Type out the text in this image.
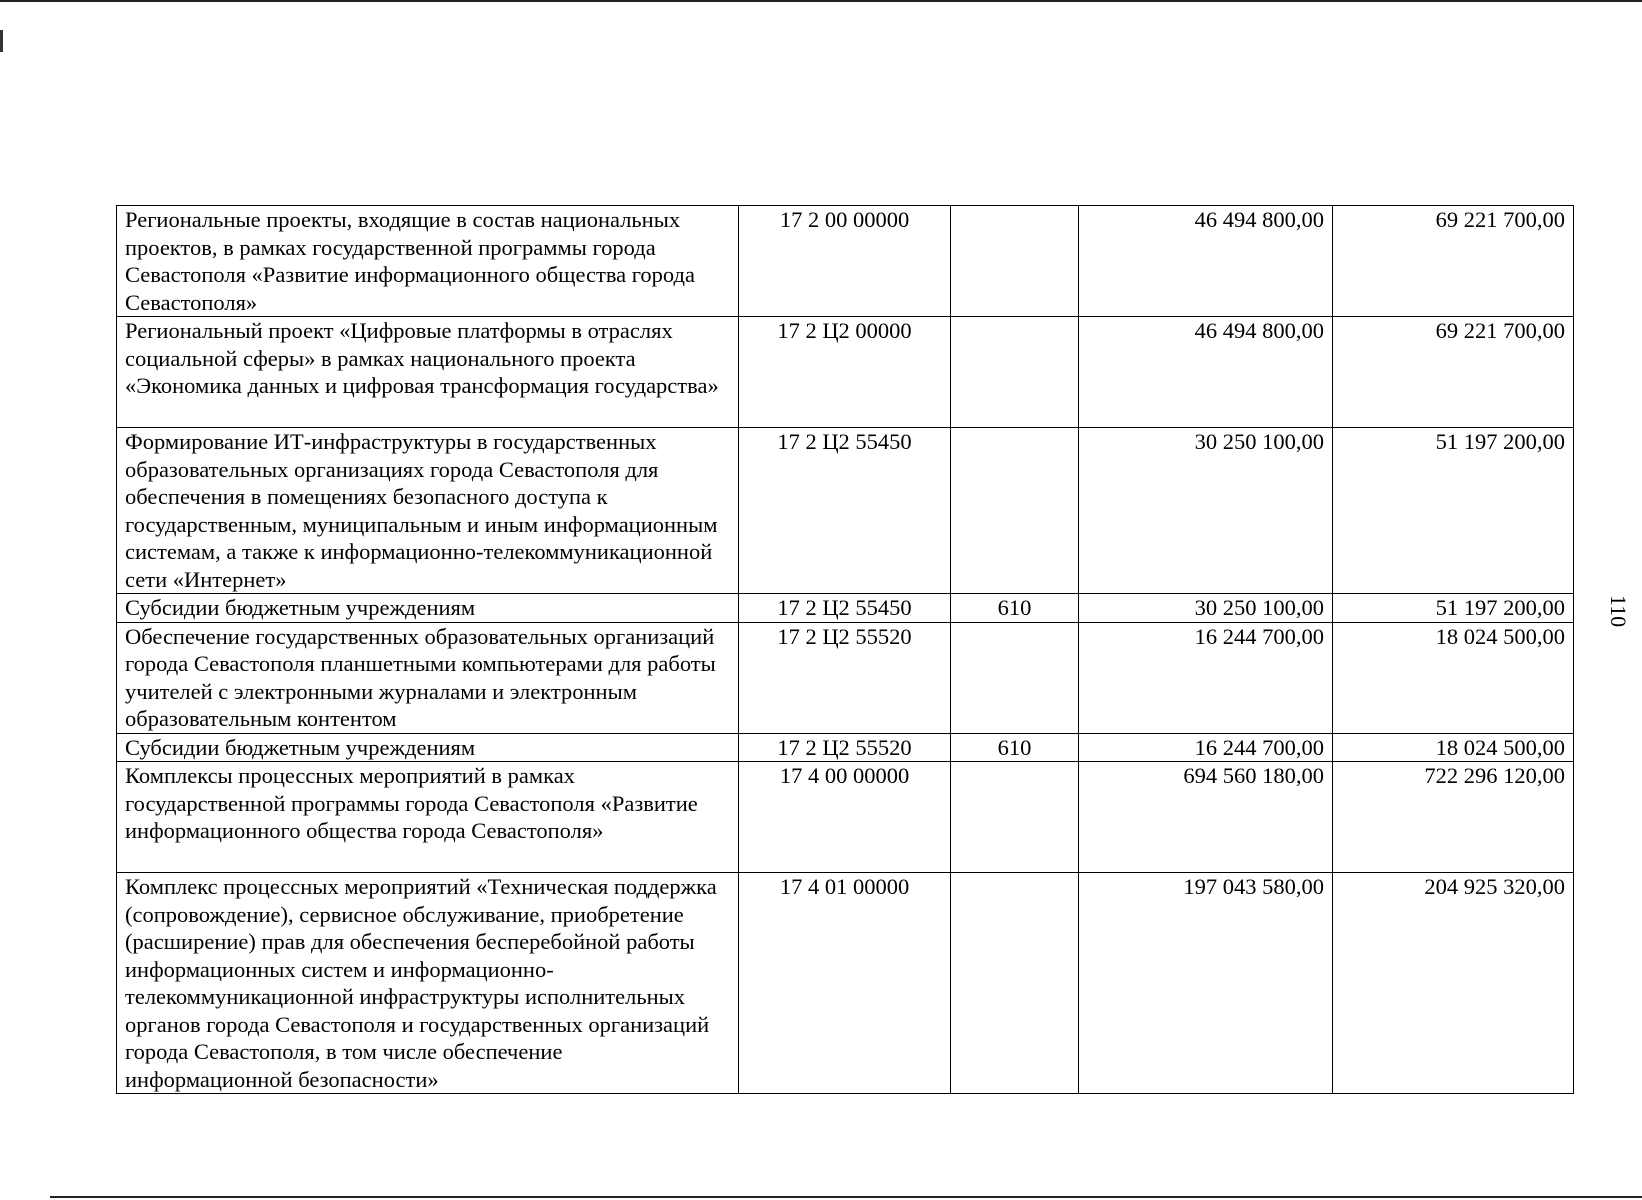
110
Региональные проекты, входящие в состав национальных проектов, в рамках государственной программы города Севастополя «Развитие информационного общества города Севастополя»	17 2 00 00000		46 494 800,00	69 221 700,00
Региональный проект «Цифровые платформы в отраслях социальной сферы» в рамках национального проекта «Экономика данных и цифровая трансформация государства»	17 2 Ц2 00000		46 494 800,00	69 221 700,00
Формирование ИТ-инфраструктуры в государственных образовательных организациях города Севастополя для обеспечения в помещениях безопасного доступа к государственным, муниципальным и иным информационным системам, а также к информационно-телекоммуникационной сети «Интернет»	17 2 Ц2 55450		30 250 100,00	51 197 200,00
Субсидии бюджетным учреждениям	17 2 Ц2 55450	610	30 250 100,00	51 197 200,00
Обеспечение государственных образовательных организаций города Севастополя планшетными компьютерами для работы учителей с электронными журналами и электронным образовательным контентом	17 2 Ц2 55520		16 244 700,00	18 024 500,00
Субсидии бюджетным учреждениям	17 2 Ц2 55520	610	16 244 700,00	18 024 500,00
Комплексы процессных мероприятий в рамках государственной программы города Севастополя «Развитие информационного общества города Севастополя»	17 4 00 00000		694 560 180,00	722 296 120,00
Комплекс процессных мероприятий «Техническая поддержка (сопровождение), сервисное обслуживание, приобретение (расширение) прав для обеспечения бесперебойной работы информационных систем и информационно-телекоммуникационной инфраструктуры исполнительных органов города Севастополя и государственных организаций города Севастополя, в том числе обеспечение информационной безопасности»	17 4 01 00000		197 043 580,00	204 925 320,00
